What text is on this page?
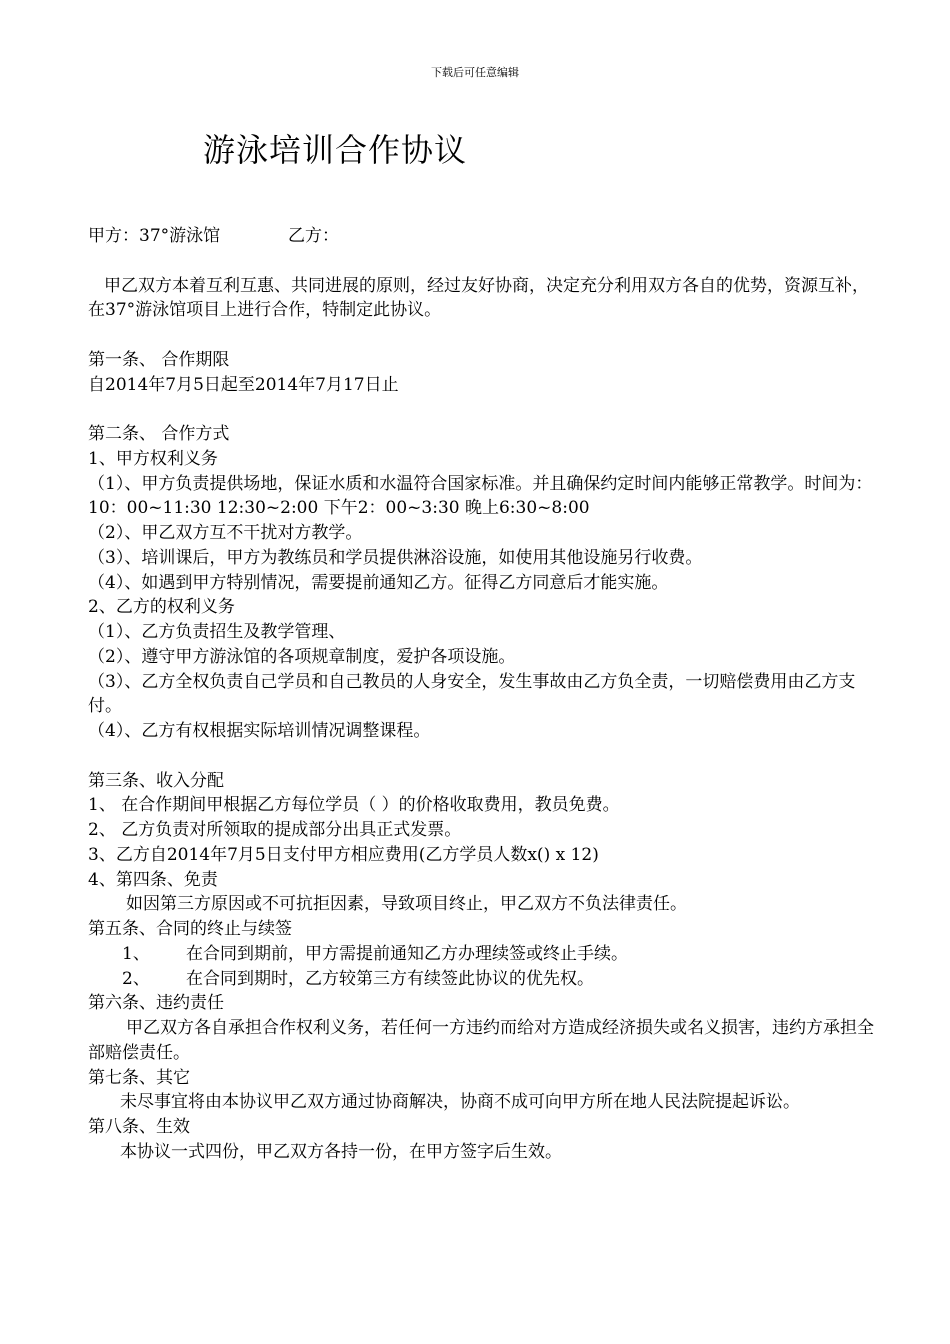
下载后可任意编辑
游泳培训合作协议
甲方：37°游泳馆	乙方：
甲乙双方本着互利互惠、共同进展的原则，经过友好协商，决定充分利用双方各自的优势，资源互补，在37°游泳馆项目上进行合作，特制定此协议。
第一条、 合作期限
自2014年7月5日起至2014年7月17日止
第二条、 合作方式
1、甲方权利义务
（1）、甲方负责提供场地，保证水质和水温符合国家标准。并且确保约定时间内能够正常教学。时间为： 10：00~11:30 12:30~2:00 下午2：00~3:30 晚上6:30~8:00
（2）、甲乙双方互不干扰对方教学。
（3）、培训课后，甲方为教练员和学员提供淋浴设施，如使用其他设施另行收费。
（4）、如遇到甲方特别情况，需要提前通知乙方。征得乙方同意后才能实施。
2、乙方的权利义务
（1）、乙方负责招生及教学管理、
（2）、遵守甲方游泳馆的各项规章制度，爱护各项设施。
（3）、乙方全权负责自己学员和自己教员的人身安全，发生事故由乙方负全责，一切赔偿费用由乙方支付。
（4）、乙方有权根据实际培训情况调整课程。
第三条、收入分配
1、 在合作期间甲根据乙方每位学员（ ）的价格收取费用，教员免费。
2、 乙方负责对所领取的提成部分出具正式发票。
3、乙方自2014年7月5日支付甲方相应费用(乙方学员人数x() x 12)
4、第四条、免责
如因第三方原因或不可抗拒因素，导致项目终止，甲乙双方不负法律责任。
第五条、合同的终止与续签
1、 在合同到期前，甲方需提前通知乙方办理续签或终止手续。
2、 在合同到期时，乙方较第三方有续签此协议的优先权。
第六条、违约责任
甲乙双方各自承担合作权利义务，若任何一方违约而给对方造成经济损失或名义损害，违约方承担全部赔偿责任。
第七条、其它
未尽事宜将由本协议甲乙双方通过协商解决，协商不成可向甲方所在地人民法院提起诉讼。
第八条、生效
本协议一式四份，甲乙双方各持一份，在甲方签字后生效。
